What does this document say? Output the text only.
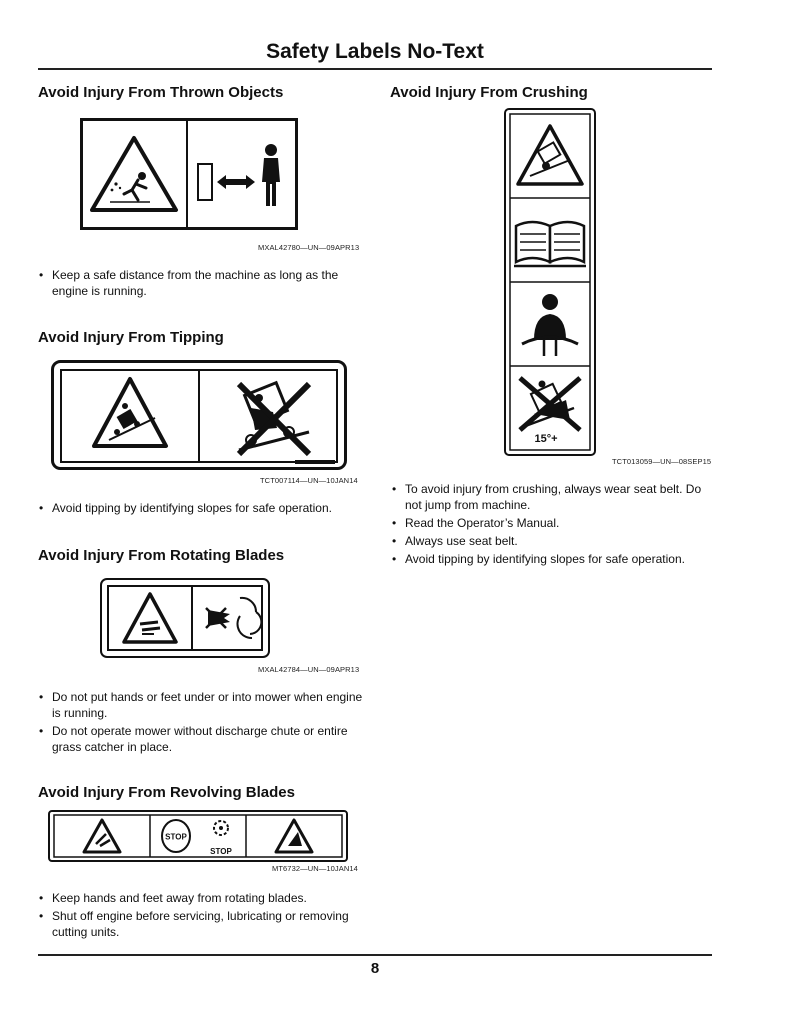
Safety Labels No-Text
Avoid Injury From Thrown Objects
MXAL42780—UN—09APR13
• Keep a safe distance from the machine as long as the engine is running.
Avoid Injury From Tipping
TCT007114—UN—10JAN14
• Avoid tipping by identifying slopes for safe operation.
Avoid Injury From Rotating Blades
MXAL42784—UN—09APR13
• Do not put hands or feet under or into mower when engine is running.
• Do not operate mower without discharge chute or entire grass catcher in place.
Avoid Injury From Revolving Blades
STOP
STOP
MT6732—UN—10JAN14
• Keep hands and feet away from rotating blades.
• Shut off engine before servicing, lubricating or removing cutting units.
Avoid Injury From Crushing
15°+
TCT013059—UN—08SEP15
• To avoid injury from crushing, always wear seat belt. Do not jump from machine.
• Read the Operator’s Manual.
• Always use seat belt.
• Avoid tipping by identifying slopes for safe operation.
8
